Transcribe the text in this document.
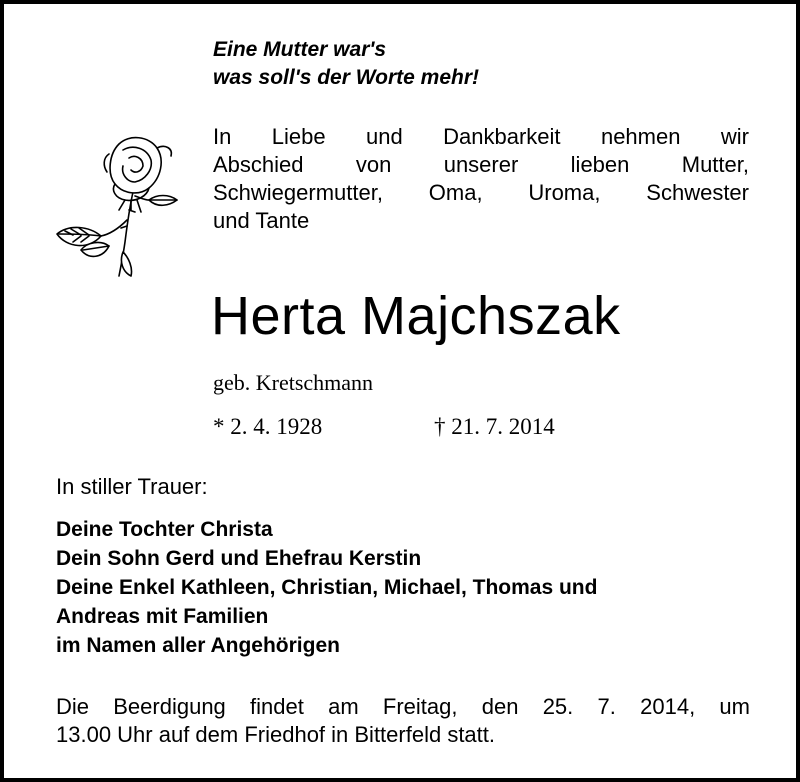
Eine Mutter war's
was soll's der Worte mehr!
In Liebe und Dankbarkeit nehmen wir
Abschied von unserer lieben Mutter,
Schwiegermutter, Oma, Uroma, Schwester
und Tante
Herta Majchszak
geb. Kretschmann
* 2. 4. 1928	† 21. 7. 2014
In stiller Trauer:
Deine Tochter Christa
Dein Sohn Gerd und Ehefrau Kerstin
Deine Enkel Kathleen, Christian, Michael, Thomas und
Andreas mit Familien
im Namen aller Angehörigen
Die Beerdigung findet am Freitag, den 25. 7. 2014, um
13.00 Uhr auf dem Friedhof in Bitterfeld statt.
